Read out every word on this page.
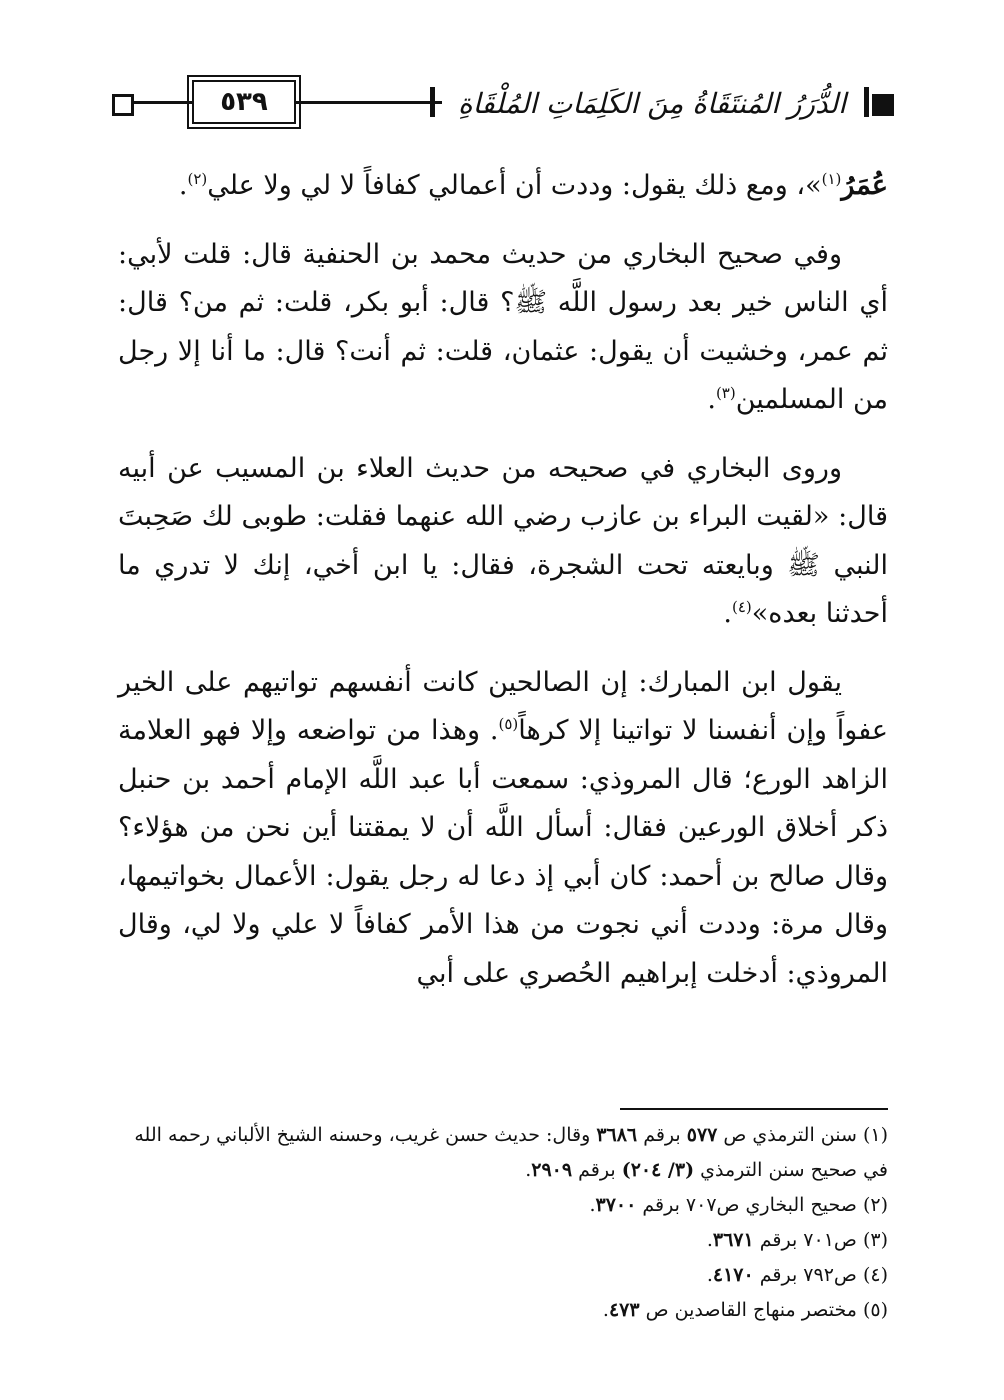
٥٣٩	الدُّرَرُ المُنتَقَاةُ مِنَ الكَلِمَاتِ المُلْقَاةِ

عُمَرُ$^{(١)}$»، ومع ذلك يقول: وددت أن أعمالي كفافاً لا لي ولا علي$^{(٢)}$.

وفي صحيح البخاري من حديث محمد بن الحنفية قال: قلت لأبي: أي الناس خير بعد رسول اللَّه ﷺ؟ قال: أبو بكر، قلت: ثم من؟ قال: ثم عمر، وخشيت أن يقول: عثمان، قلت: ثم أنت؟ قال: ما أنا إلا رجل من المسلمين$^{(٣)}$.

وروى البخاري في صحيحه من حديث العلاء بن المسيب عن أبيه قال: «لقيت البراء بن عازب رضي الله عنهما فقلت: طوبى لك صَحِبتَ النبي ﷺ وبايعته تحت الشجرة، فقال: يا ابن أخي، إنك لا تدري ما أحدثنا بعده»$^{(٤)}$.

يقول ابن المبارك: إن الصالحين كانت أنفسهم تواتيهم على الخير عفواً وإن أنفسنا لا تواتينا إلا كرهاً$^{(٥)}$. وهذا من تواضعه وإلا فهو العلامة الزاهد الورع؛ قال المروذي: سمعت أبا عبد اللَّه الإمام أحمد بن حنبل ذكر أخلاق الورعين فقال: أسأل اللَّه أن لا يمقتنا أين نحن من هؤلاء؟ وقال صالح بن أحمد: كان أبي إذ دعا له رجل يقول: الأعمال بخواتيمها، وقال مرة: وددت أني نجوت من هذا الأمر كفافاً لا علي ولا لي، وقال المروذي: أدخلت إبراهيم الحُصري على أبي

(١) سنن الترمذي ص ٥٧٧ برقم ٣٦٨٦ وقال: حديث حسن غريب، وحسنه الشيخ الألباني رحمه الله في صحيح سنن الترمذي (٣/ ٢٠٤) برقم ٢٩٠٩.
(٢) صحيح البخاري ص٧٠٧ برقم ٣٧٠٠.
(٣) ص٧٠١ برقم ٣٦٧١.
(٤) ص٧٩٢ برقم ٤١٧٠.
(٥) مختصر منهاج القاصدين ص ٤٧٣.
